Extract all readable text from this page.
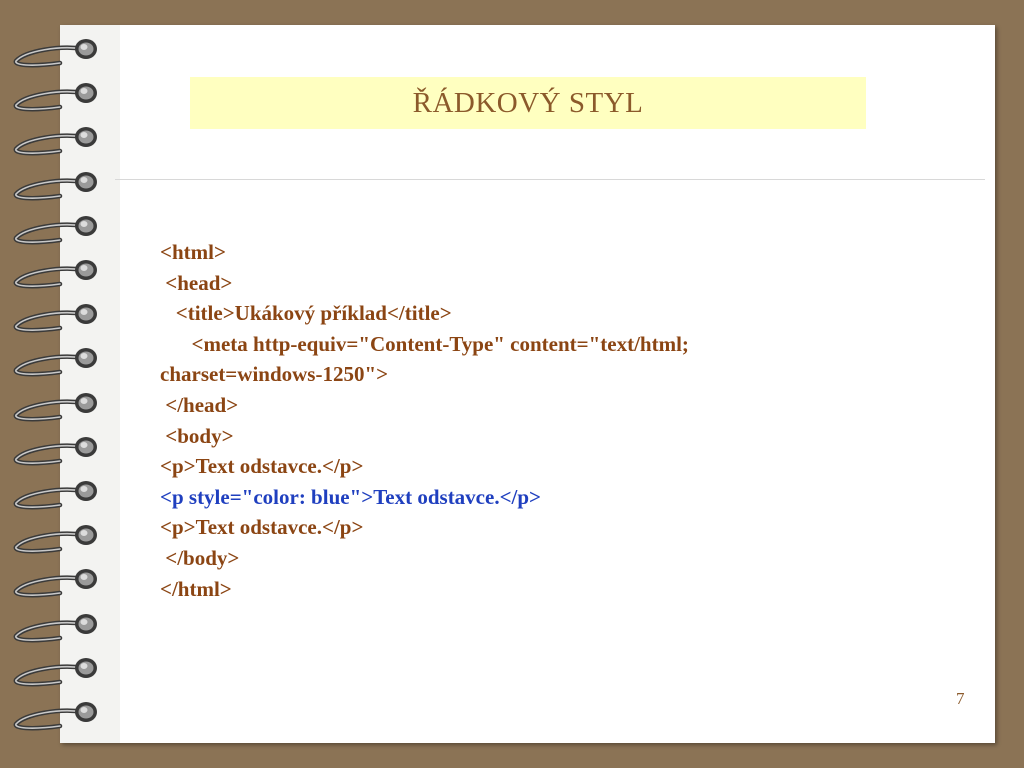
ŘÁDKOVÝ STYL
<html>
<head>
<title>Ukákový příklad</title>
<meta http-equiv="Content-Type" content="text/html;
charset=windows-1250">
</head>
<body>
<p>Text odstavce.</p>
<p style="color: blue">Text odstavce.</p>
<p>Text odstavce.</p>
</body>
</html>
7
